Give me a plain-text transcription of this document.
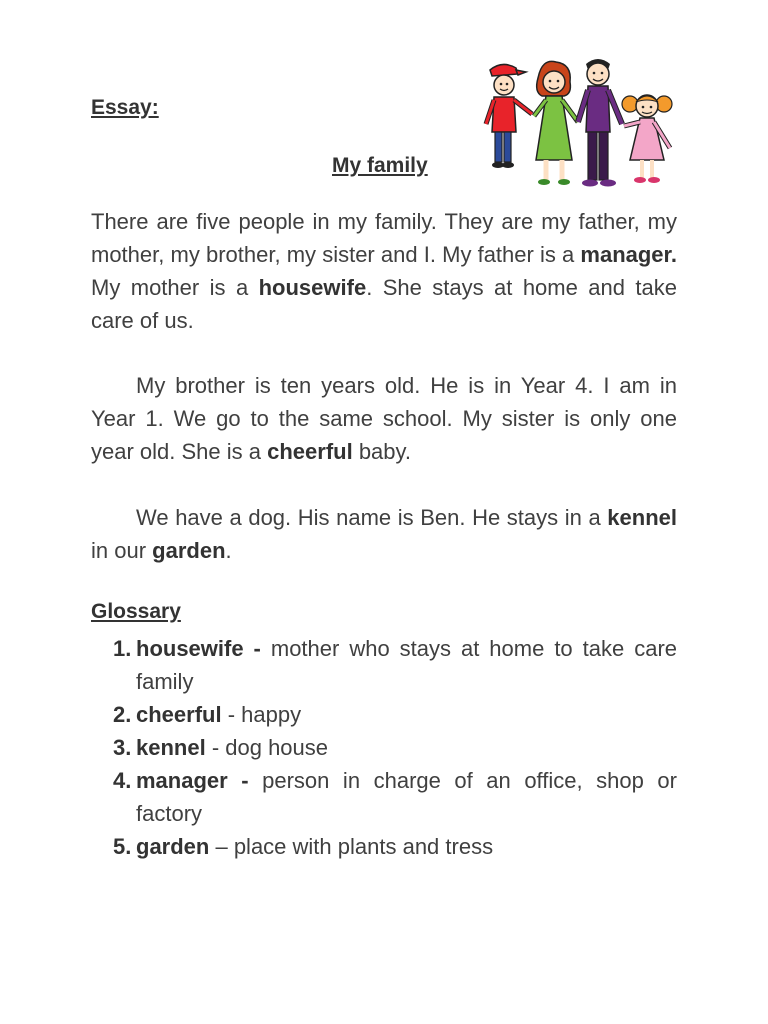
Essay:
My family

There are five people in my family. They are my father, my mother, my brother, my sister and I. My father is a manager. My mother is a housewife. She stays at home and take care of us.

My brother is ten years old. He is in Year 4. I am in Year 1. We go to the same school. My sister is only one year old. She is a cheerful baby.

We have a dog. His name is Ben. He stays in a kennel in our garden.

Glossary
1. housewife - mother who stays at home to take care family
2. cheerful - happy
3. kennel - dog house
4. manager - person in charge of an office, shop or factory
5. garden – place with plants and tress
